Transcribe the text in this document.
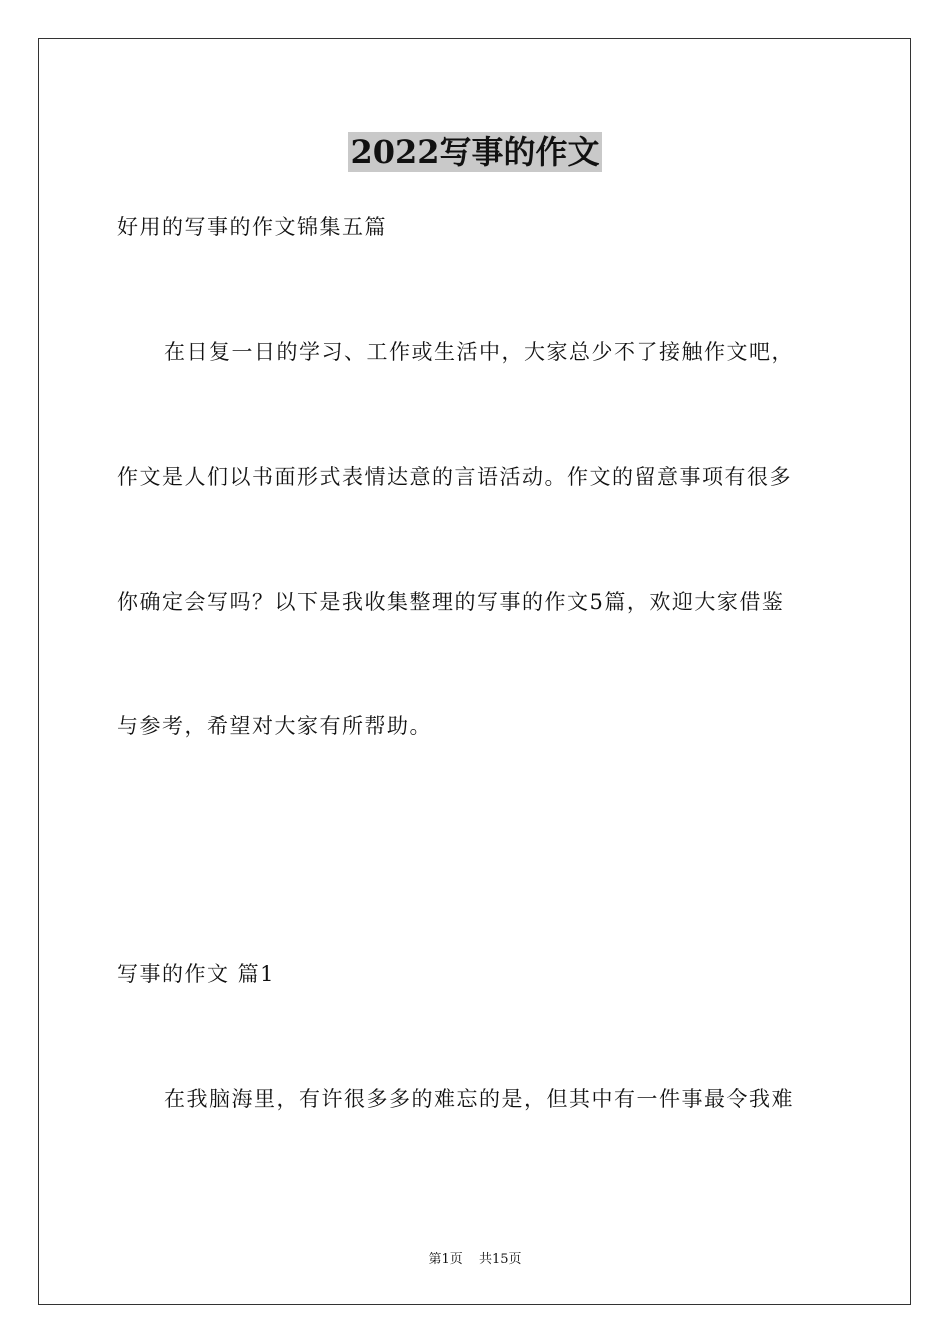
2022写事的作文
好用的写事的作文锦集五篇
在日复一日的学习、工作或生活中，大家总少不了接触作文吧，
作文是人们以书面形式表情达意的言语活动。作文的留意事项有很多
你确定会写吗？以下是我收集整理的写事的作文5篇，欢迎大家借鉴
与参考，希望对大家有所帮助。
写事的作文 篇1
在我脑海里，有许很多多的难忘的是，但其中有一件事最令我难
第1页 共15页
